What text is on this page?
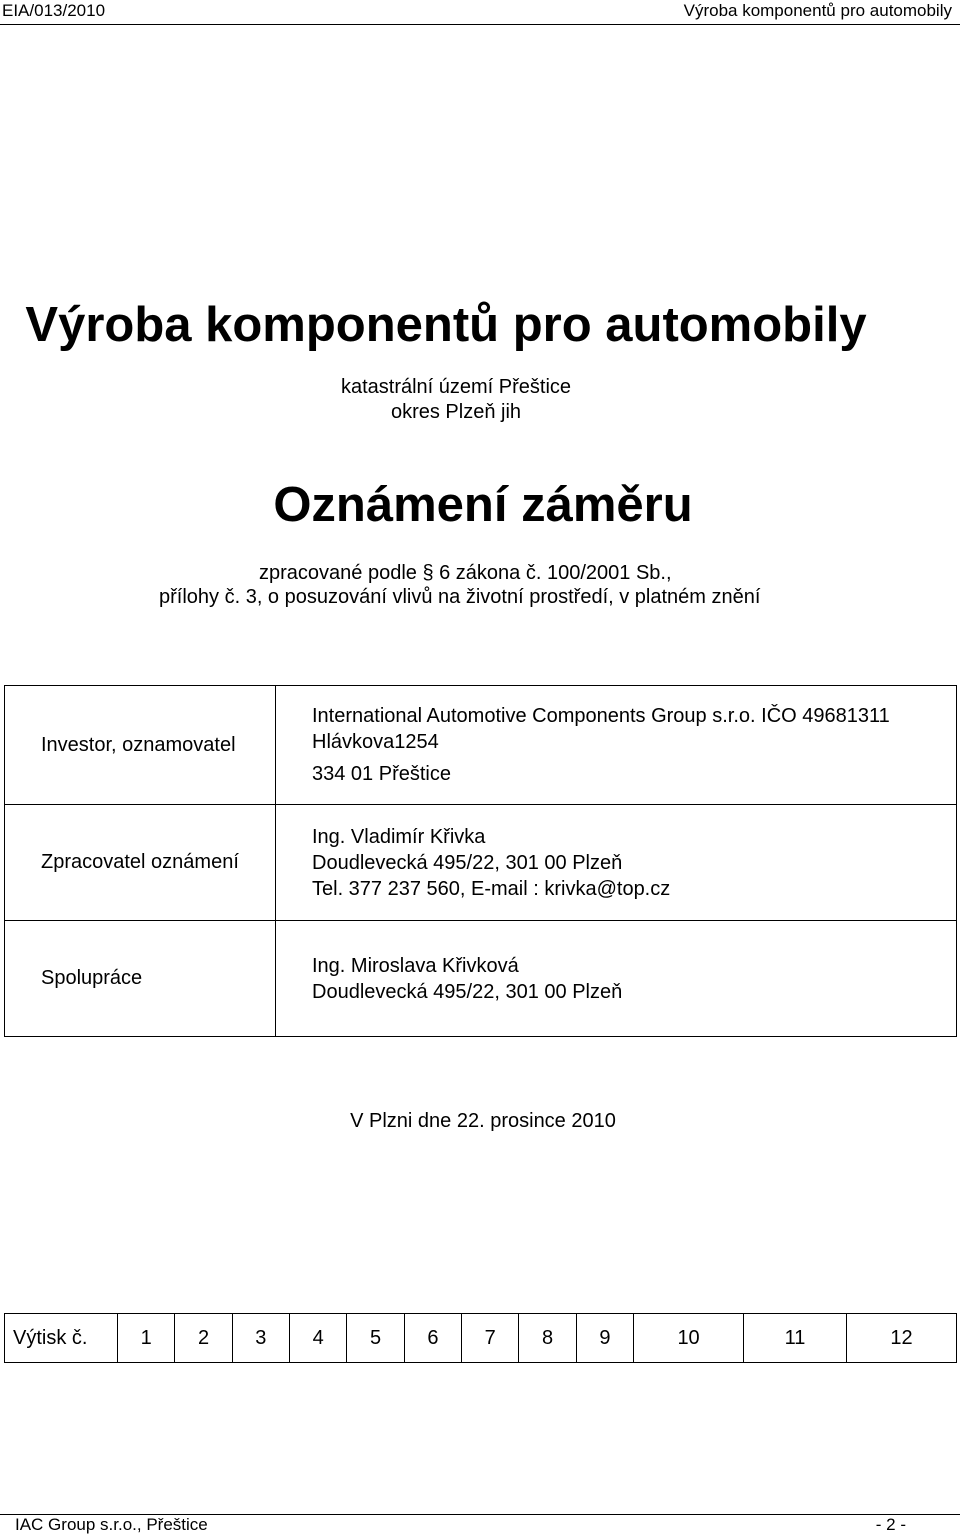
EIA/013/2010	Výroba komponentů pro automobily
Výroba komponentů pro automobily
katastrální území Přeštice
okres Plzeň jih
Oznámení záměru
zpracované podle § 6 zákona č. 100/2001 Sb.,
přílohy č. 3, o posuzování vlivů na životní prostředí, v platném znění
Investor, oznamovatel	International Automotive Components Group s.r.o. IČO 49681311
Hlávkova1254
334 01 Přeštice

Zpracovatel oznámení	Ing. Vladimír Křivka
Doudlevecká 495/22, 301 00 Plzeň
Tel. 377 237 560, E-mail : krivka@top.cz

Spolupráce	Ing. Miroslava Křivková
Doudlevecká 495/22, 301 00 Plzeň
V Plzni dne 22. prosince 2010
Výtisk č.	1	2	3	4	5	6	7	8	9	10	11	12
IAC Group s.r.o., Přeštice	- 2 -
